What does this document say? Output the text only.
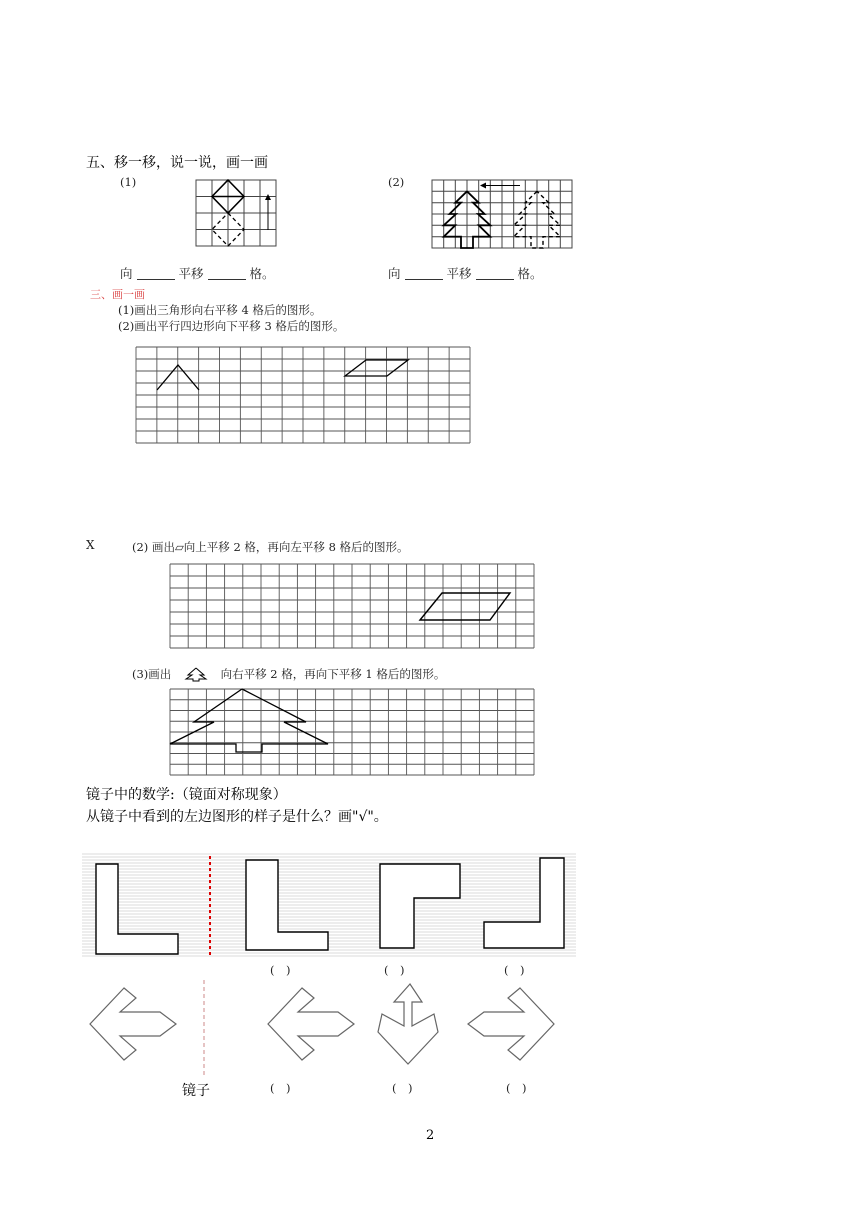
五、移一移，说一说，画一画
(1)	(2)
向	平移	格。	向	平移	格。
三、画一画
(1)画出三角形向右平移 4 格后的图形。
(2)画出平行四边形向下平移 3 格后的图形。
X	(2) 画出▱向上平移 2 格，再向左平移 8 格后的图形。
(3)画出	向右平移 2 格，再向下平移 1 格后的图形。
镜子中的数学:（镜面对称现象）
从镜子中看到的左边图形的样子是什么？画"√"。
(　)	(　)	(　)
镜子	(　)	(　)	(　)
2
